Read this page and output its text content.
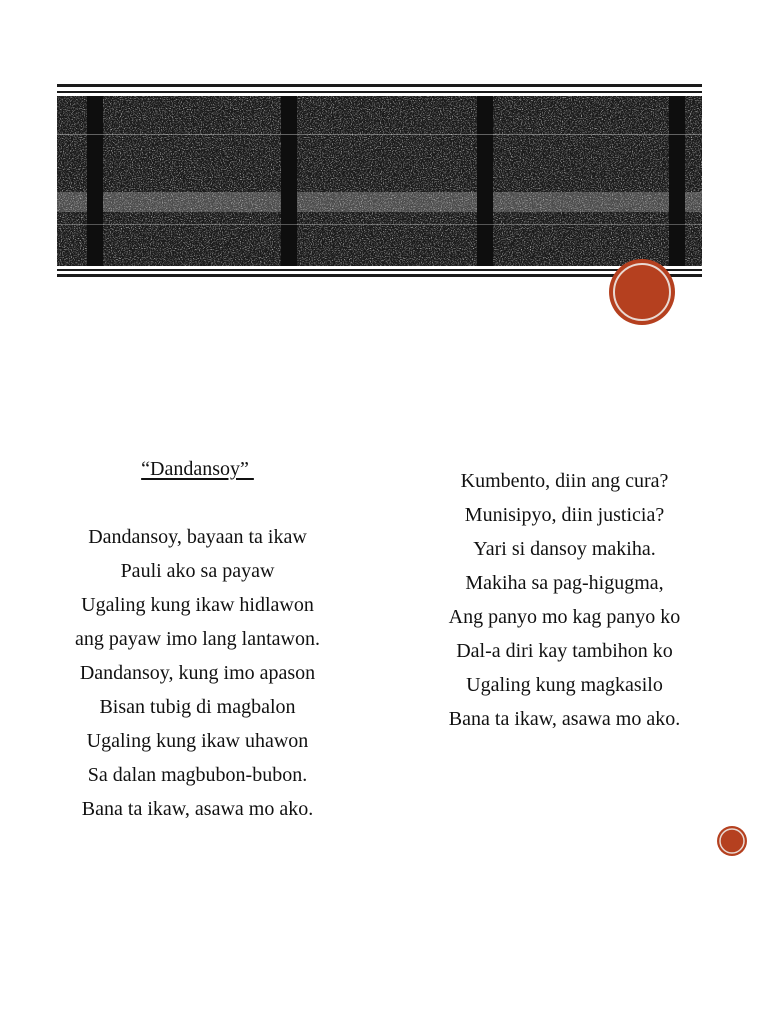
“Dandansoy”
Dandansoy, bayaan ta ikaw
Pauli ako sa payaw
Ugaling kung ikaw hidlawon
ang payaw imo lang lantawon.
Dandansoy, kung imo apason
Bisan tubig di magbalon
Ugaling kung ikaw uhawon
Sa dalan magbubon-bubon.
Bana ta ikaw, asawa mo ako.
Kumbento, diin ang cura?
Munisipyo, diin justicia?
Yari si dansoy makiha.
Makiha sa pag-higugma,
Ang panyo mo kag panyo ko
Dal-a diri kay tambihon ko
Ugaling kung magkasilo
Bana ta ikaw, asawa mo ako.
